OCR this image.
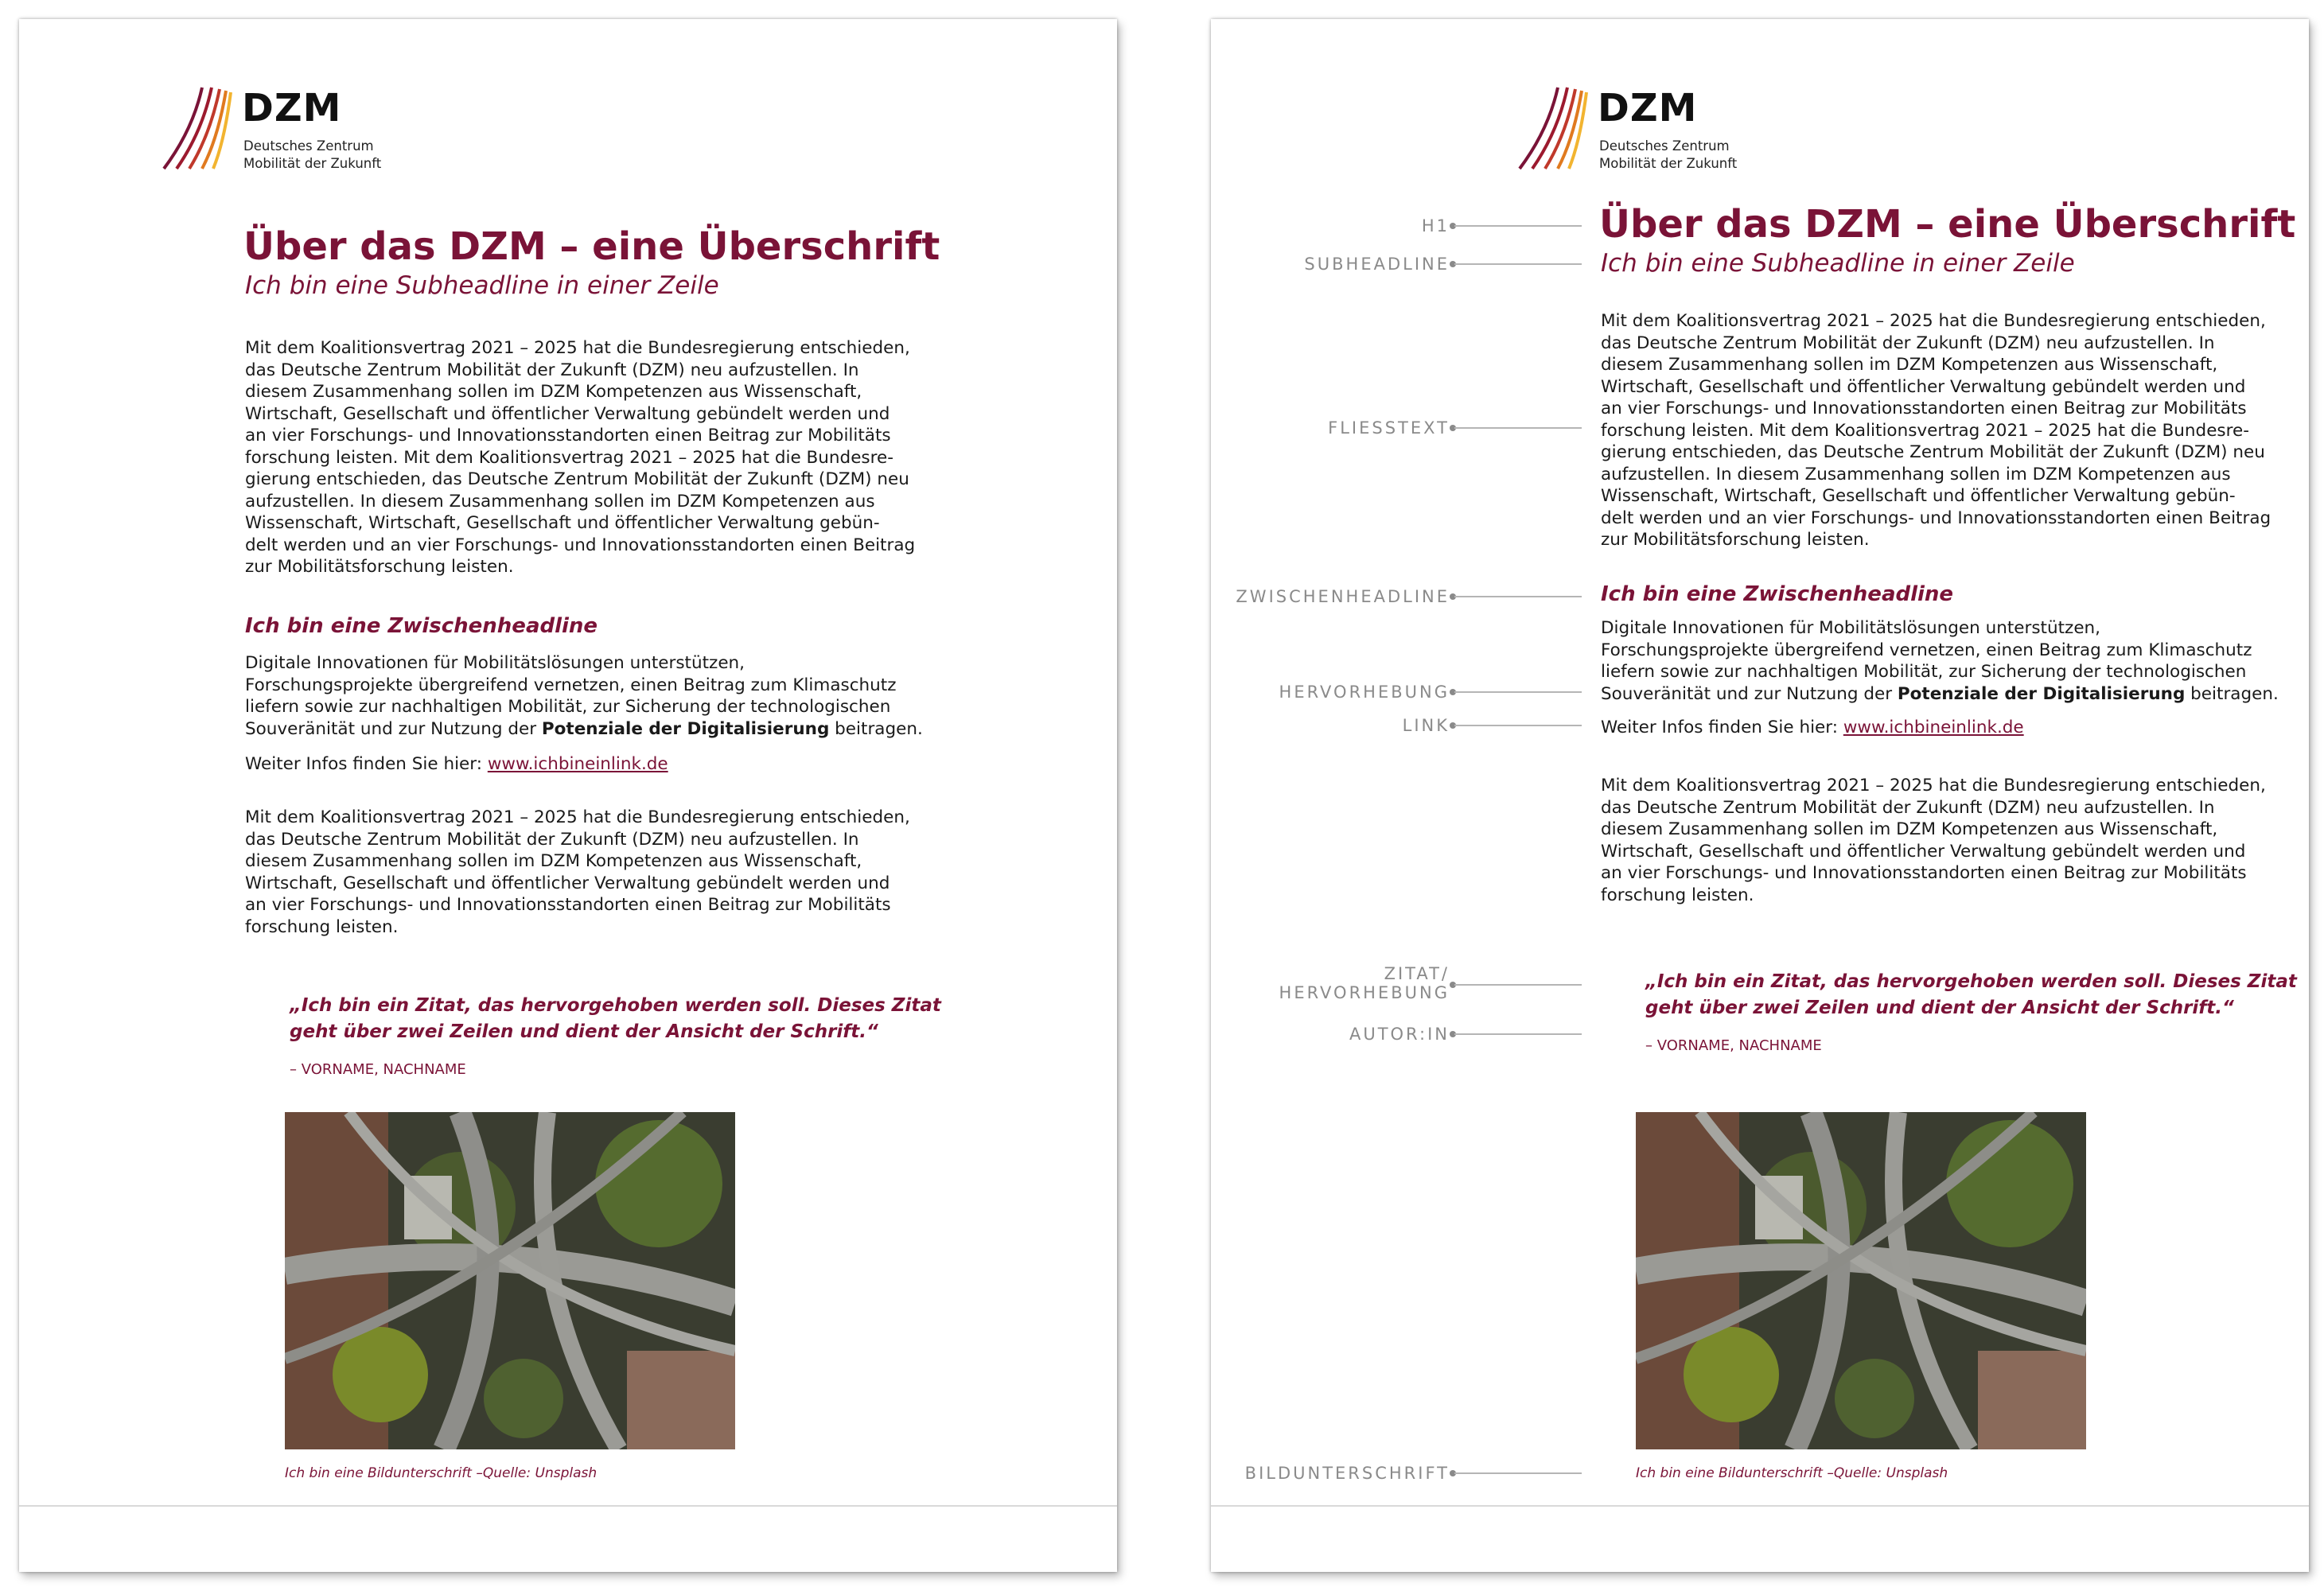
DZM
Deutsches Zentrum
Mobilität der Zukunft
Über das DZM – eine Überschrift
Ich bin eine Subheadline in einer Zeile
Mit dem Koalitionsvertrag 2021 – 2025 hat die Bundesregierung entschieden,
das Deutsche Zentrum Mobilität der Zukunft (DZM) neu aufzustellen. In
diesem Zusammenhang sollen im DZM Kompetenzen aus Wissenschaft,
Wirtschaft, Gesellschaft und öffentlicher Verwaltung gebündelt werden und
an vier Forschungs- und Innovationsstandorten einen Beitrag zur Mobilitäts
forschung leisten. Mit dem Koalitionsvertrag 2021 – 2025 hat die Bundesre-
gierung entschieden, das Deutsche Zentrum Mobilität der Zukunft (DZM) neu
aufzustellen. In diesem Zusammenhang sollen im DZM Kompetenzen aus
Wissenschaft, Wirtschaft, Gesellschaft und öffentlicher Verwaltung gebün-
delt werden und an vier Forschungs- und Innovationsstandorten einen Beitrag
zur Mobilitätsforschung leisten.
Ich bin eine Zwischenheadline
Digitale Innovationen für Mobilitätslösungen unterstützen,
Forschungsprojekte übergreifend vernetzen, einen Beitrag zum Klimaschutz
liefern sowie zur nachhaltigen Mobilität, zur Sicherung der technologischen
Souveränität und zur Nutzung der Potenziale der Digitalisierung beitragen.
Weiter Infos finden Sie hier: www.ichbineinlink.de
Mit dem Koalitionsvertrag 2021 – 2025 hat die Bundesregierung entschieden,
das Deutsche Zentrum Mobilität der Zukunft (DZM) neu aufzustellen. In
diesem Zusammenhang sollen im DZM Kompetenzen aus Wissenschaft,
Wirtschaft, Gesellschaft und öffentlicher Verwaltung gebündelt werden und
an vier Forschungs- und Innovationsstandorten einen Beitrag zur Mobilitäts
forschung leisten.
„Ich bin ein Zitat, das hervorgehoben werden soll. Dieses Zitat
geht über zwei Zeilen und dient der Ansicht der Schrift.“
– VORNAME, NACHNAME
Ich bin eine Bildunterschrift –Quelle: Unsplash
DZM
Deutsches Zentrum
Mobilität der Zukunft
H1
SUBHEADLINE
FLIESSTEXT
ZWISCHENHEADLINE
HERVORHEBUNG
LINK
ZITAT/
HERVORHEBUNG
AUTOR:IN
BILDUNTERSCHRIFT
Über das DZM – eine Überschrift
Ich bin eine Subheadline in einer Zeile
Mit dem Koalitionsvertrag 2021 – 2025 hat die Bundesregierung entschieden,
das Deutsche Zentrum Mobilität der Zukunft (DZM) neu aufzustellen. In
diesem Zusammenhang sollen im DZM Kompetenzen aus Wissenschaft,
Wirtschaft, Gesellschaft und öffentlicher Verwaltung gebündelt werden und
an vier Forschungs- und Innovationsstandorten einen Beitrag zur Mobilitäts
forschung leisten. Mit dem Koalitionsvertrag 2021 – 2025 hat die Bundesre-
gierung entschieden, das Deutsche Zentrum Mobilität der Zukunft (DZM) neu
aufzustellen. In diesem Zusammenhang sollen im DZM Kompetenzen aus
Wissenschaft, Wirtschaft, Gesellschaft und öffentlicher Verwaltung gebün-
delt werden und an vier Forschungs- und Innovationsstandorten einen Beitrag
zur Mobilitätsforschung leisten.
Ich bin eine Zwischenheadline
Digitale Innovationen für Mobilitätslösungen unterstützen,
Forschungsprojekte übergreifend vernetzen, einen Beitrag zum Klimaschutz
liefern sowie zur nachhaltigen Mobilität, zur Sicherung der technologischen
Souveränität und zur Nutzung der Potenziale der Digitalisierung beitragen.
Weiter Infos finden Sie hier: www.ichbineinlink.de
Mit dem Koalitionsvertrag 2021 – 2025 hat die Bundesregierung entschieden,
das Deutsche Zentrum Mobilität der Zukunft (DZM) neu aufzustellen. In
diesem Zusammenhang sollen im DZM Kompetenzen aus Wissenschaft,
Wirtschaft, Gesellschaft und öffentlicher Verwaltung gebündelt werden und
an vier Forschungs- und Innovationsstandorten einen Beitrag zur Mobilitäts
forschung leisten.
„Ich bin ein Zitat, das hervorgehoben werden soll. Dieses Zitat
geht über zwei Zeilen und dient der Ansicht der Schrift.“
– VORNAME, NACHNAME
Ich bin eine Bildunterschrift –Quelle: Unsplash
